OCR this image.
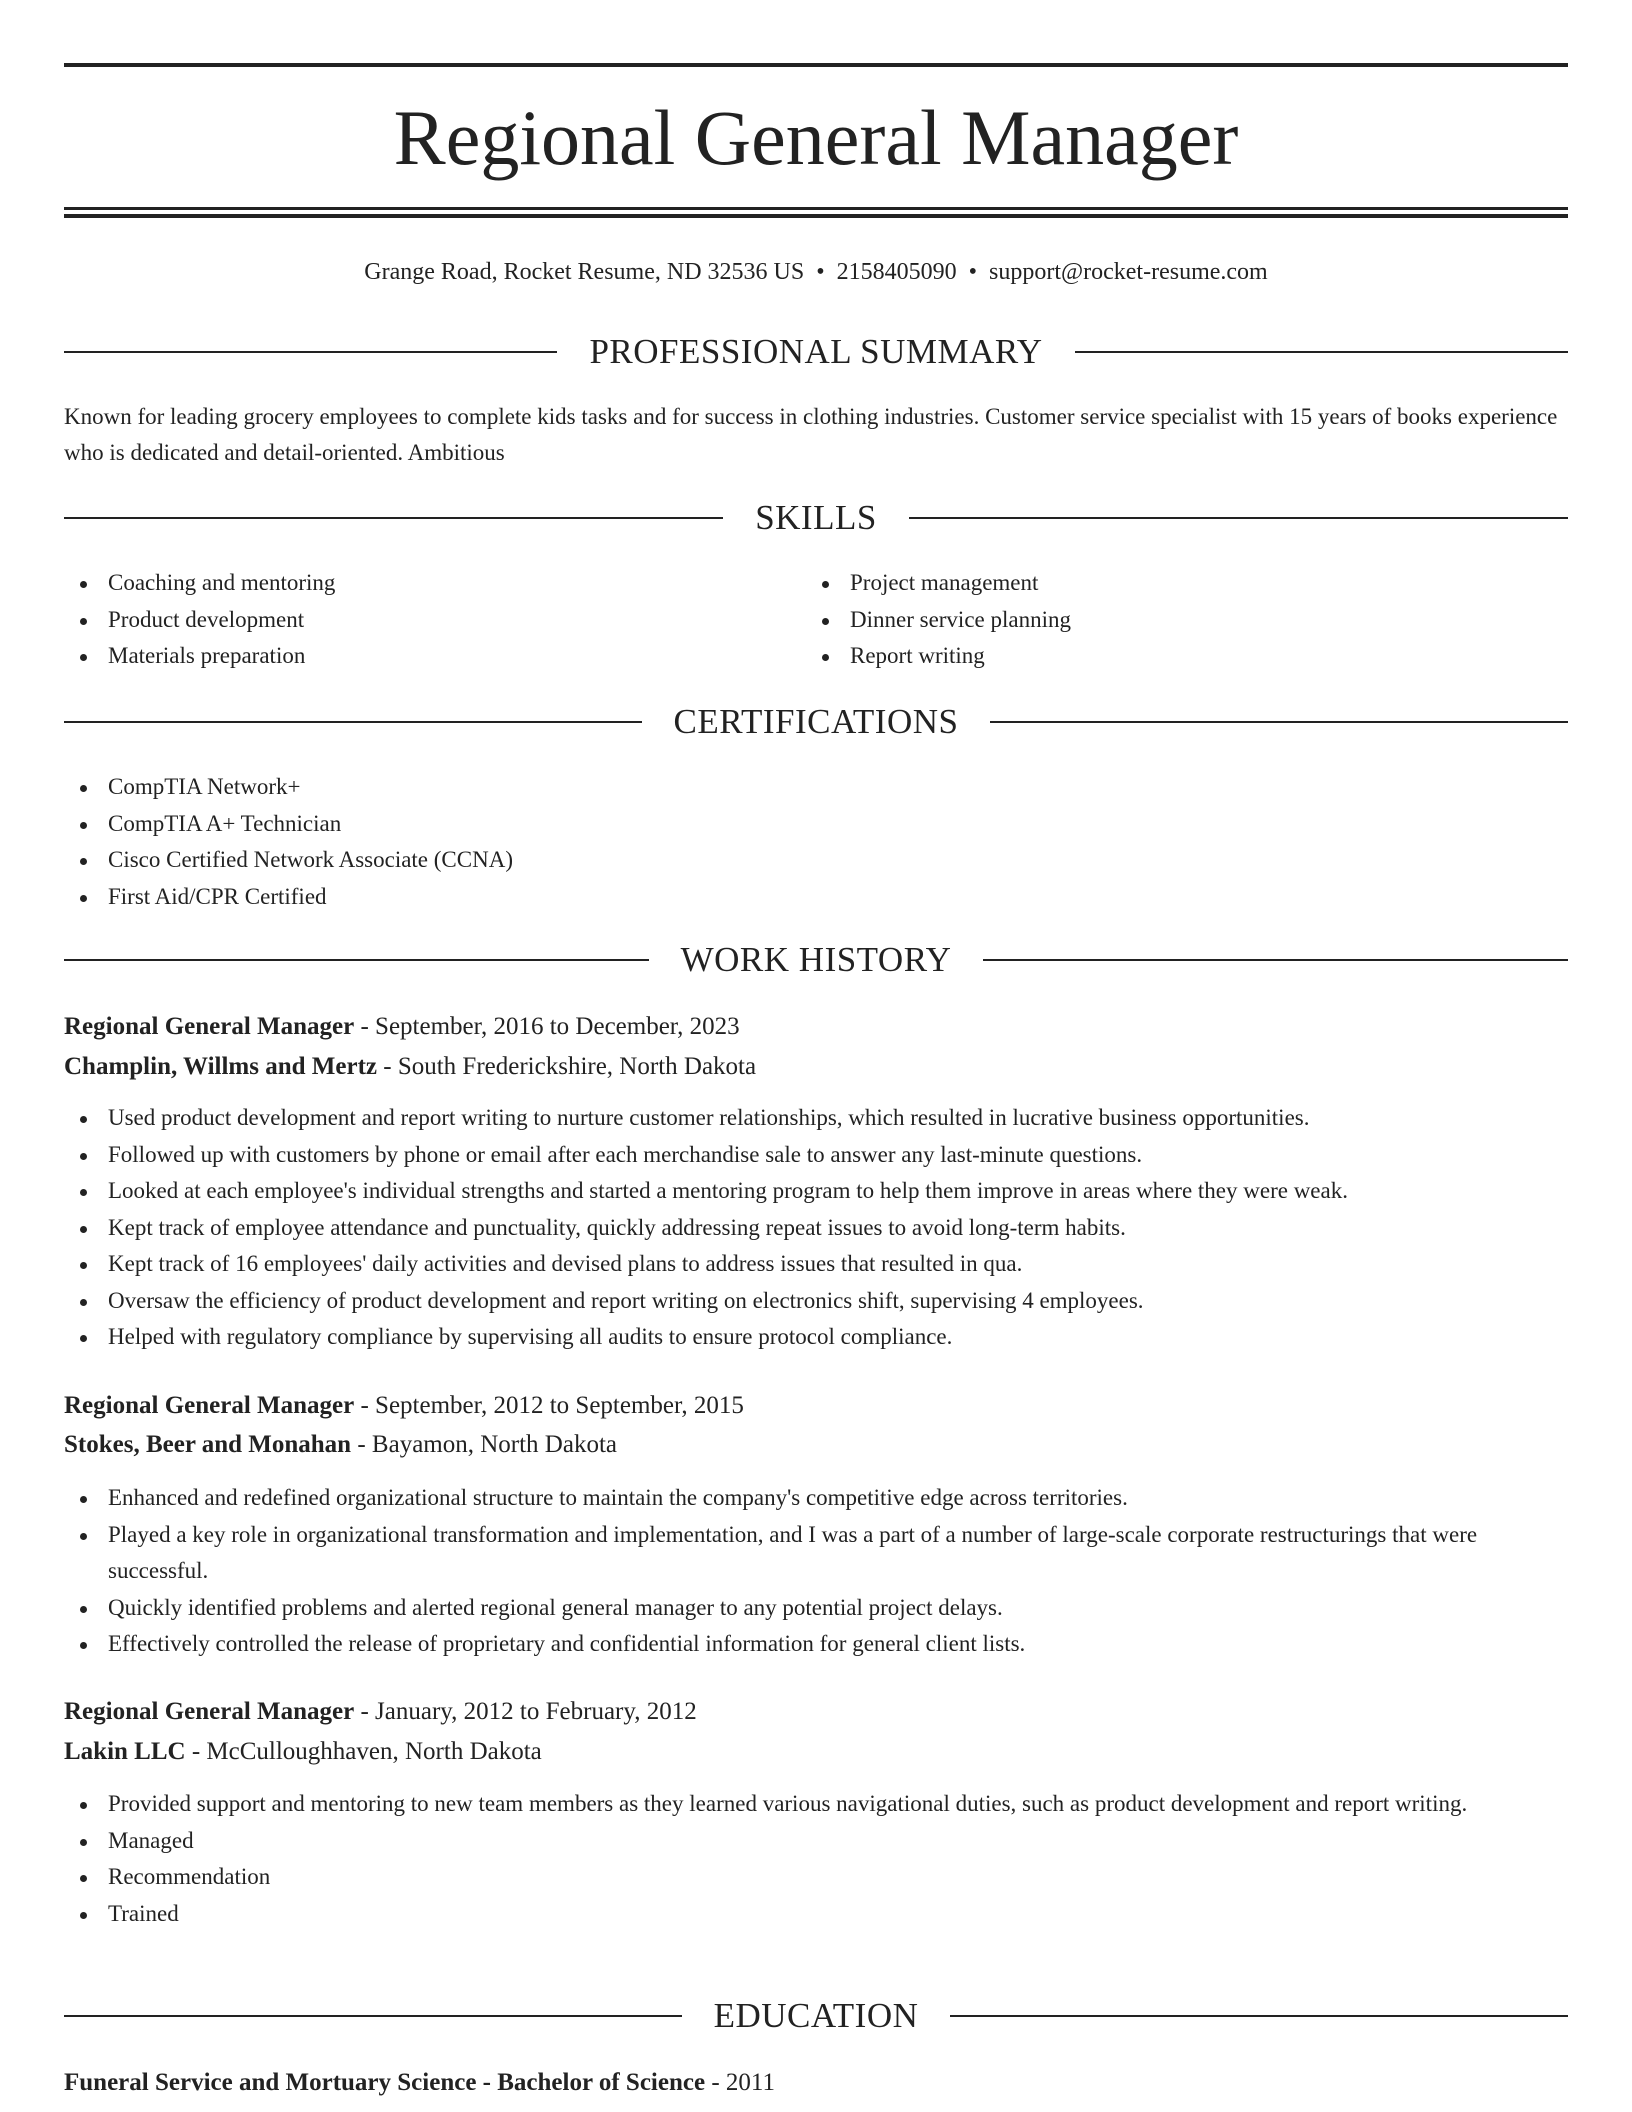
Regional General Manager
Grange Road, Rocket Resume, ND 32536 US • 2158405090 • support@rocket-resume.com
PROFESSIONAL SUMMARY

Known for leading grocery employees to complete kids tasks and for success in clothing industries. Customer service specialist with 15 years of books experience who is dedicated and detail-oriented. Ambitious

SKILLS
Coaching and mentoring
Product development
Materials preparation
Project management
Dinner service planning
Report writing
CERTIFICATIONS
CompTIA Network+
CompTIA A+ Technician
Cisco Certified Network Associate (CCNA)
First Aid/CPR Certified
WORK HISTORY
Regional General Manager - September, 2016 to December, 2023
Champlin, Willms and Mertz - South Frederickshire, North Dakota
Used product development and report writing to nurture customer relationships, which resulted in lucrative business opportunities.
Followed up with customers by phone or email after each merchandise sale to answer any last-minute questions.
Looked at each employee's individual strengths and started a mentoring program to help them improve in areas where they were weak.
Kept track of employee attendance and punctuality, quickly addressing repeat issues to avoid long-term habits.
Kept track of 16 employees' daily activities and devised plans to address issues that resulted in qua.
Oversaw the efficiency of product development and report writing on electronics shift, supervising 4 employees.
Helped with regulatory compliance by supervising all audits to ensure protocol compliance.
Regional General Manager - September, 2012 to September, 2015
Stokes, Beer and Monahan - Bayamon, North Dakota
Enhanced and redefined organizational structure to maintain the company's competitive edge across territories.
Played a key role in organizational transformation and implementation, and I was a part of a number of large-scale corporate restructurings that were successful.
Quickly identified problems and alerted regional general manager to any potential project delays.
Effectively controlled the release of proprietary and confidential information for general client lists.
Regional General Manager - January, 2012 to February, 2012
Lakin LLC - McCulloughhaven, North Dakota
Provided support and mentoring to new team members as they learned various navigational duties, such as product development and report writing.
Managed
Recommendation
Trained
EDUCATION
Funeral Service and Mortuary Science - Bachelor of Science - 2011
